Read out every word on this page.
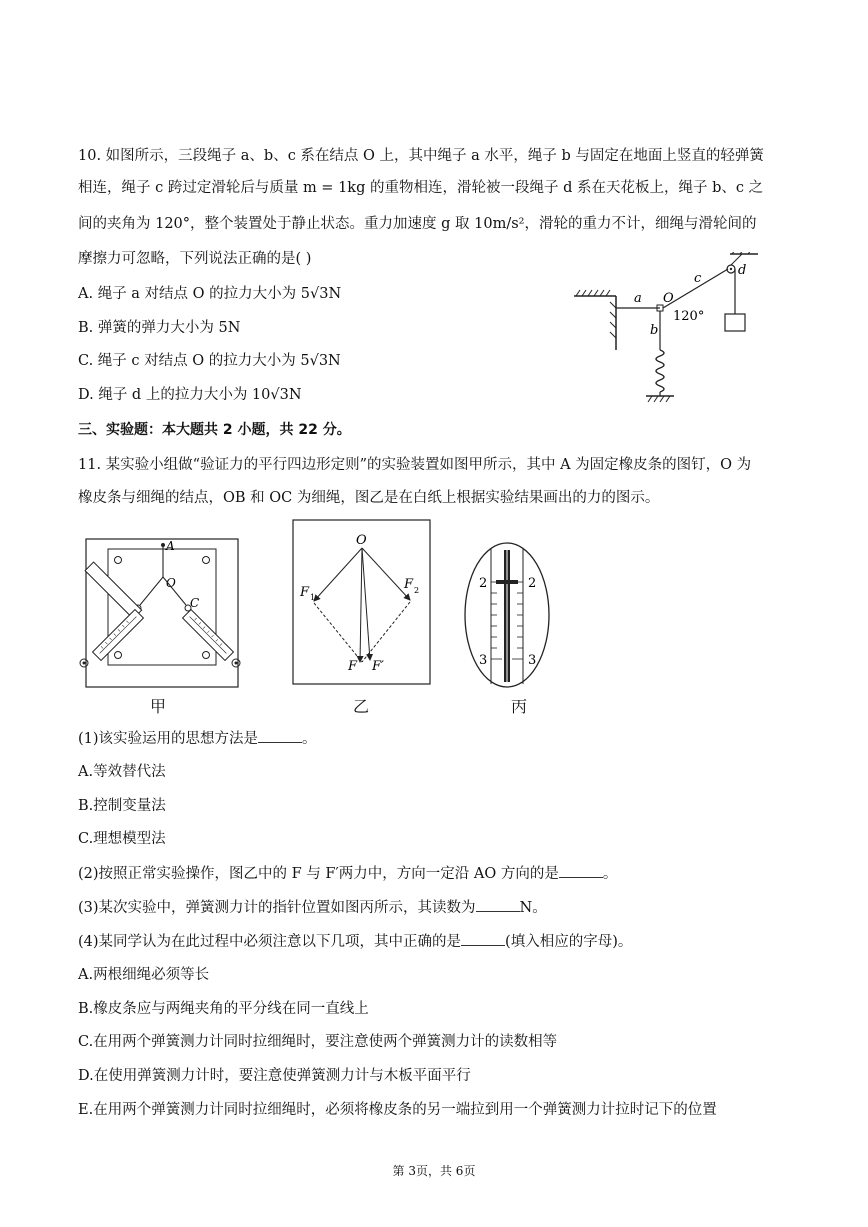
10. 如图所示，三段绳子 a、b、c 系在结点 O 上，其中绳子 a 水平，绳子 b 与固定在地面上竖直的轻弹簧
相连，绳子 c 跨过定滑轮后与质量 m = 1kg 的重物相连，滑轮被一段绳子 d 系在天花板上，绳子 b、c 之
间的夹角为 120°，整个装置处于静止状态。重力加速度 g 取 10m/s²，滑轮的重力不计，细绳与滑轮间的
摩擦力可忽略，下列说法正确的是( )
A. 绳子 a 对结点 O 的拉力大小为 5√3N
B. 弹簧的弹力大小为 5N
C. 绳子 c 对结点 O 的拉力大小为 5√3N
D. 绳子 d 上的拉力大小为 10√3N
a O
c
d
b
120°
三、实验题：本大题共 2 小题，共 22 分。
11. 某实验小组做“验证力的平行四边形定则”的实验装置如图甲所示，其中 A 为固定橡皮条的图钉，O 为
橡皮条与细绳的结点，OB 和 OC 为细绳，图乙是在白纸上根据实验结果画出的力的图示。
A
O
C
甲
O
F 1
F 2
F F′
乙
2	2
3	3
丙
(1)该实验运用的思想方法是	。
A.等效替代法
B.控制变量法
C.理想模型法
(2)按照正常实验操作，图乙中的 F 与 F′两力中，方向一定沿 AO 方向的是	。
(3)某次实验中，弹簧测力计的指针位置如图丙所示，其读数为	N。
(4)某同学认为在此过程中必须注意以下几项，其中正确的是	(填入相应的字母)。
A.两根细绳必须等长
B.橡皮条应与两绳夹角的平分线在同一直线上
C.在用两个弹簧测力计同时拉细绳时，要注意使两个弹簧测力计的读数相等
D.在使用弹簧测力计时，要注意使弹簧测力计与木板平面平行
E.在用两个弹簧测力计同时拉细绳时，必须将橡皮条的另一端拉到用一个弹簧测力计拉时记下的位置
第 3页，共 6页
